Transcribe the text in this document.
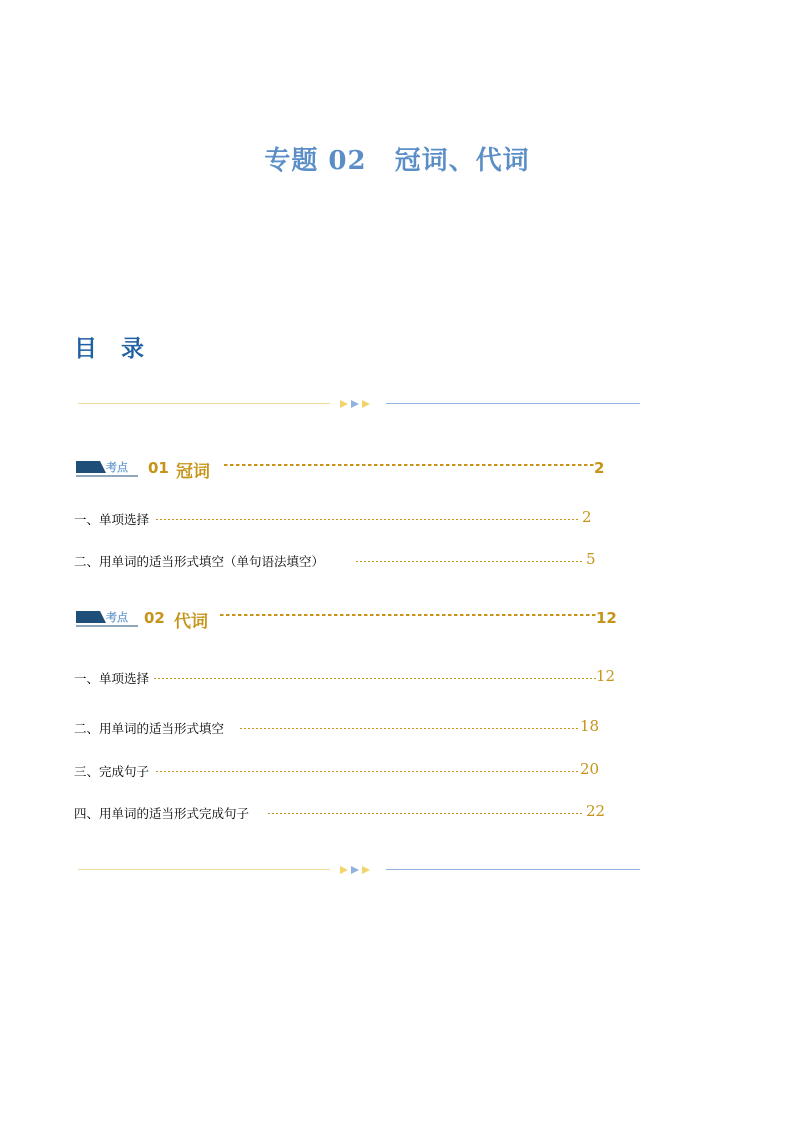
专题 02 冠词、代词
目 录
考点 01 冠词	2
一、单项选择	2
二、用单词的适当形式填空（单句语法填空）	5
考点 02 代词	12
一、单项选择	12
二、用单词的适当形式填空	18
三、完成句子	20
四、用单词的适当形式完成句子	22
